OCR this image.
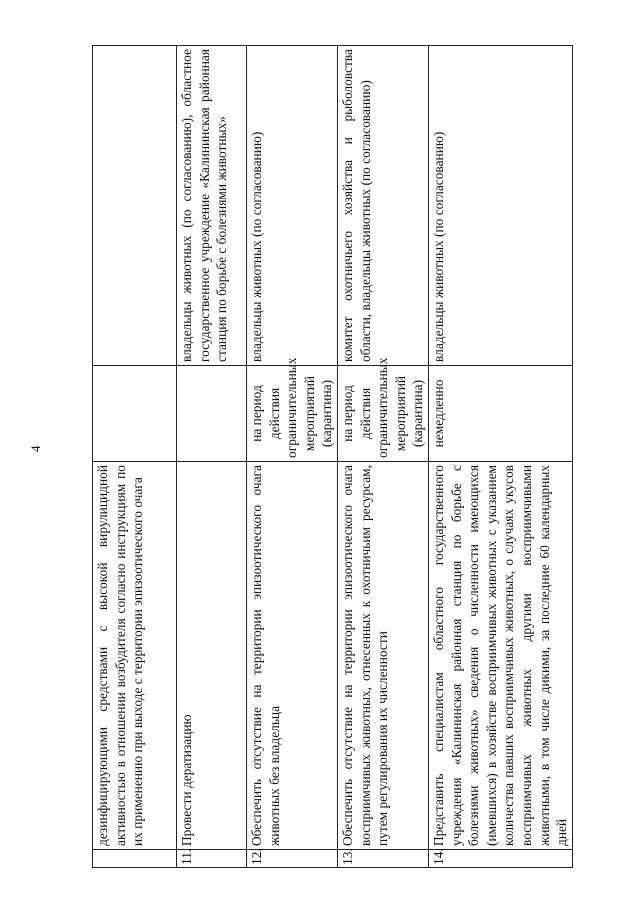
4
	дезинфицирующими средствами с высокой вирулицидной активностью в отношении возбудителя согласно инструкциям по их применению при выходе с территории эпизоотического очага		
11.	Провести дератизацию		владельцы животных (по согласованию), областное государственное учреждение «Калининская районная станция по борьбе с болезнями животных»
12.	Обеспечить отсутствие на территории эпизоотического очага животных без владельца	на период действия ограничительных мероприятий (карантина)	владельцы животных (по согласованию)
13.	Обеспечить отсутствие на территории эпизоотического очага восприимчивых животных, отнесенных к охотничьим ресурсам, путем регулирования их численности	на период действия ограничительных мероприятий (карантина)	комитет охотничьего хозяйства и рыболовства области, владельцы животных (по согласованию)
14.	Представить специалистам областного государственного учреждения «Калининская районная станция по борьбе с болезнями животных» сведения о численности имеющихся (имевшихся) в хозяйстве восприимчивых животных с указанием количества павших восприимчивых животных, о случаях укусов восприимчивых животных другими восприимчивыми животными, в том числе дикими, за последние 60 календарных дней	немедленно	владельцы животных (по согласованию)
